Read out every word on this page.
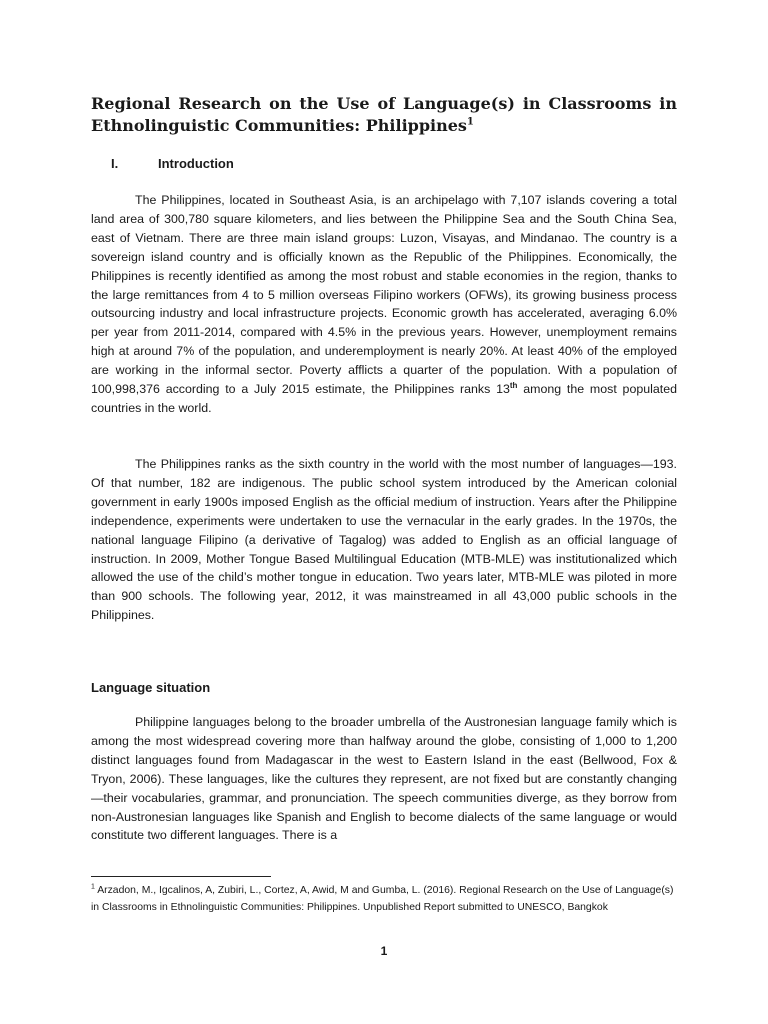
Regional Research on the Use of Language(s) in Classrooms in Ethnolinguistic Communities: Philippines$^1$
I.	Introduction

The Philippines, located in Southeast Asia, is an archipelago with 7,107 islands covering a total land area of 300,780 square kilometers, and lies between the Philippine Sea and the South China Sea, east of Vietnam. There are three main island groups: Luzon, Visayas, and Mindanao. The country is a sovereign island country and is officially known as the Republic of the Philippines. Economically, the Philippines is recently identified as among the most robust and stable economies in the region, thanks to the large remittances from 4 to 5 million overseas Filipino workers (OFWs), its growing business process outsourcing industry and local infrastructure projects. Economic growth has accelerated, averaging 6.0% per year from 2011-2014, compared with 4.5% in the previous years. However, unemployment remains high at around 7% of the population, and underemployment is nearly 20%. At least 40% of the employed are working in the informal sector. Poverty afflicts a quarter of the population. With a population of 100,998,376 according to a July 2015 estimate, the Philippines ranks 13th among the most populated countries in the world.

The Philippines ranks as the sixth country in the world with the most number of languages—193. Of that number, 182 are indigenous. The public school system introduced by the American colonial government in early 1900s imposed English as the official medium of instruction. Years after the Philippine independence, experiments were undertaken to use the vernacular in the early grades. In the 1970s, the national language Filipino (a derivative of Tagalog) was added to English as an official language of instruction. In 2009, Mother Tongue Based Multilingual Education (MTB-MLE) was institutionalized which allowed the use of the child’s mother tongue in education. Two years later, MTB-MLE was piloted in more than 900 schools. The following year, 2012, it was mainstreamed in all 43,000 public schools in the Philippines.

Language situation

Philippine languages belong to the broader umbrella of the Austronesian language family which is among the most widespread covering more than halfway around the globe, consisting of 1,000 to 1,200 distinct languages found from Madagascar in the west to Eastern Island in the east (Bellwood, Fox & Tryon, 2006). These languages, like the cultures they represent, are not fixed but are constantly changing—their vocabularies, grammar, and pronunciation. The speech communities diverge, as they borrow from non-Austronesian languages like Spanish and English to become dialects of the same language or would constitute two different languages. There is a

$^1$ Arzadon, M., Igcalinos, A, Zubiri, L., Cortez, A, Awid, M and Gumba, L. (2016). Regional Research on the Use of Language(s) in Classrooms in Ethnolinguistic Communities: Philippines. Unpublished Report submitted to UNESCO, Bangkok

1
